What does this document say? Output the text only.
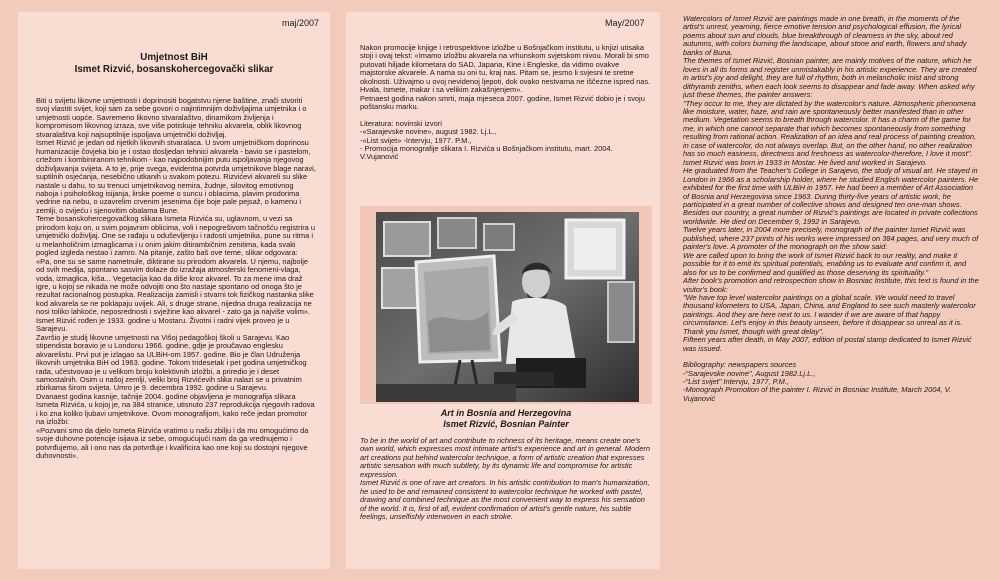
maj/2007	May/2007
Umjetnost BiH
Ismet Rizvić, bosanskohercegovački slikar

Biti u svijetu likovne umjetnosti i doprinositi bogatstvu njene baštine, znači stvoriti svoj vlastiti svijet, koji sam za sebe govori o najintimnijim doživljajima umjetnika i o umjetnosti uopće. Savremeno likovno stvaralaštvo, dinamikom življenja i kompromisom likovnog izraza, sve više potiskuje tehniku akvarela, oblik likovnog stvaralaštva koji najsuptilnije ispoljava umjetnički doživljaj.

Ismet Rizvić je jedan od rijetkih likovnih stvaralaca. U svom umjetničkom doprinosu humanizacije čovjeka bio je i ostao dosljedan tehnici akvarela - bavio se i pastelom, crtežom i kombiniranom tehnikom - kao najpodobnijim putu ispoljavanja njegovog doživljavanja svijeta. A to je, prije svega, evidentna potvrda umjetnikove blage naravi, suptilnih osjećanja, nesebično utkanih u svakom potezu. Rizvićevi akvareli su slike nastale u dahu, to su trenuci umjetnikovog nemira, žudnje, silovitog emotivnog naboja i psihološkog isijanja, lirske poeme o suncu i oblacima, plavim prodorima vedrine na nebu, o uzavrelim crvenim jesenima čije boje pale pejsaž, o kamenu i zemlji, o cvijeću i sjenovitim obalama Bune.

Teme bosanskohercegovačkog slikara Ismeta Rizvića su, uglavnom, u vezi sa prirodom koju on, u svim pojavnim oblicima, voli i nepogrešivom tačnošću registrira u umjetnički doživljaj. One se rađaju u oduševljenju i radosti umjetnika, pune su ritma i u melanholičnim izmaglicama i u onim jakim ditirambičnim zenitima, kada svaki pogled izgleda nestao i zamro. Na pitanje, zašto baš ove teme, slikar odgovara:

«Pa, one su se same nametnule, diktirane su prirodom akvarela. U njemu, najbolje od svih medija, spontano sasvim dolaze do izražaja atmosferski fenomeni-vlaga, voda, izmaglica, kiša... Vegetacija kao da diše kroz akvarel. To za mene ima draž igre, u kojoj se nikada ne može odvojiti ono što nastaje spontano od onoga što je rezultat racionalnog postupka. Realizacija zamisli i stvarni tok fizičkog nastanka slike kod akvarela se ne poklapaju uvijek. Ali, s druge strane, nijedna druga realizacija ne nosi toliko lahkoće, neposrednosti i svježine kao akvarel - zato ga ja najviše volim».

Ismet Rizvić rođen je 1933. godine u Mostaru. Životni i radni vijek proveo je u Sarajevu.

Završio je studij likovne umjetnosti na Višoj pedagoškoj školi u Sarajevu. Kao stipendista boravio je u Londonu 1966. godine, gdje je proučavao englesku akvarelistu. Prvi put je izlagao sa ULBiH-om 1957. godine. Bio je član Udruženja likovnih umjetnika BiH od 1963. godine. Tokom tridesetak i pet godina umjetničkog rada, učestvovao je u velikom broju kolektivnih izložbi, a priredio je i deset samostalnih. Osim u našoj zemlji, veliki broj Rizvićevih slika nalazi se u privatnim zbirkama širom svijeta. Umro je 9. decembra 1992. godine u Sarajevu.

Dvanaest godina kasnije, tačnije 2004. godine objavljena je monografija slikara Ismeta Rizvića, u kojoj je, na 384 stranice, utisnuto 237 reprodukcija njegovih radova i ko zna koliko ljubavi umjetnikove. Ovom monografijom, kako reče jedan promotor na izložbi:

«Pozvani smo da djelo Ismeta Rizvića vratimo u našu zbilju i da mu omogućimo da svoje duhovne potencije isijava iz sebe, omogućujući nam da ga vrednujemo i potvrđujemo, ali i ono nas da potvrđuje i kvalificira kao one koji su dostojni njegove duhovnosti».

Nakon promocije knjige i retrospektivne izložbe u Bošnjačkom institutu, u knjizi utisaka stoji i ovaj tekst: «Imamo izložbu akvarela na vrhunskom svjetskom nivou. Morali bi smo putovati hiljade kilometara do SAD, Japana, Kine i Engleske, da vidimo ovakve majstorske akvarele. A nama su oni tu, kraj nas. Pitam se, jesmo li svjesni te sretne okolnosti. Uživajmo u ovoj nevidenoj ljepoti, dok ovako nestvarna ne iščezne ispred nas.

Hvala, Ismete, makar i sa velikim zakašnjenjem».

Petnaest godina nakon smrti, maja mjeseca 2007. godine, Ismet Rizvić dobio je i svoju poštansku marku.

Literatura: novinski izvori

-«Sarajevske novine», august 1982. Lj.L.,

-«List svijet» -Intervju, 1977. P.M.,

- Promocija monografije slikara I. Rizvića u Bošnjačkom institutu, mart. 2004. V.Vujanović

Art in Bosnia and Herzegovina
Ismet Rizvić, Bosnian Painter

To be in the world of art and contribute to richness of its heritage, means create one's own world, which expresses most intimate artist's experience and art in general. Modern art creations put behind watercolor technique, a form of artistic creation that expresses artistic sensation with much subtlety, by its dynamic life and compromise for artistic expression.

Ismet Rizvić is one of rare art creators. In his artistic contribution to man's humanization, he used to be and remained consistent to watercolor technique he worked with pastel, drawing and combined technique as the most convenient way to express his sensation of the world. It is, first of all, evident confirmation of artist's gentle nature, his subtle feelings, unselfishly interwoven in each stroke.

Watercolors of Ismet Rizvić are paintings made in one breath, in the moments of the artist's unrest, yearning, fierce emotive tension and psychological effusion, the lyrical poems about sun and clouds, blue breakthrough of clearness in the sky, about red autumns, with colors burning the landscape, about stone and earth, flowers and shady banks of Buna.

The themes of Ismet Rizvić, Bosnian painter, are mainly motives of the nature, which he loves in all its forms and register unmistakably in his artistic experience. They are created in artist's joy and delight, they are full of rhythm, both in melancholic mist and strong dithyramb zeniths, when each look seems to disappear and fade away. When asked why just these themes, the painter answers:

"They occur to me, they are dictated by the watercolor's nature. Atmospheric phenomena like moisture, water, haze, and rain are spontaneously better manifested than in other medium. Vegetation seems to breath through watercolor. It has a charm of the game for me, in which one cannot separate that which becomes spontaneously from something resulting from rational action. Realization of an idea and real process of painting creation, in case of watercolor, do not always overlap. But, on the other hand, no other realization has so much easiness, directness and freshness as watercolor-therefore, I love it most".

Ismet Rizvić was born in 1933 in Mostar. He lived and worked in Sarajevo.

He graduated from the Teacher's College in Sarajevo, the study of visual art. He stayed in London in 1966 as a scholarship holder, where he studied English watercolor painters. He exhibited for the first time with ULBiH in 1957. He had been a member of Art Association of Bosnia and Herzegovina since 1963. During thirty-five years of artistic work, he participated in a great number of collective shows and designed ten one-man shows. Besides our country, a great number of Rizvić's paintings are located in private collections worldwide. He died on December 9, 1992 in Sarajevo.

Twelve years later, in 2004 more precisely, monograph of the painter Ismet Rizvić was published, where 237 prints of his works were impressed on 384 pages, and very much of painter's love. A promoter of the monograph on the show said:

We are called upon to bring the work of Ismet Rizvić back to our reality, and make it possible for it to emit its spiritual potentials, enabling us to evaluate and confirm it, and also for us to be confirmed and qualified as those deserving its spirituality."

After book's promotion and retrospection show in Bosniac Institute, this text is found in the visitor's book:

"We have top level watercolor paintings on a global scale. We would need to travel thousand kilometers to USA, Japan, China, and England to see such masterly watercolor paintings. And they are here next to us. I wander if we are aware of that happy circumstance. Let's enjoy in this beauty unseen, before it disappear so unreal as it is.

Thank you Ismet, though with great delay".

Fifteen years after death, in May 2007, edition of postal stamp dedicated to Ismet Rizvić was issued.

Bibliography: newspapers sources

-"Sarajevske novine", August 1982.Lj.L.,

-"List svijet" Intervju, 1977, P.M.,

-Monograph Promotion of the painter I. Rizvić in Bosniac Institute, March 2004, V. Vujanović
